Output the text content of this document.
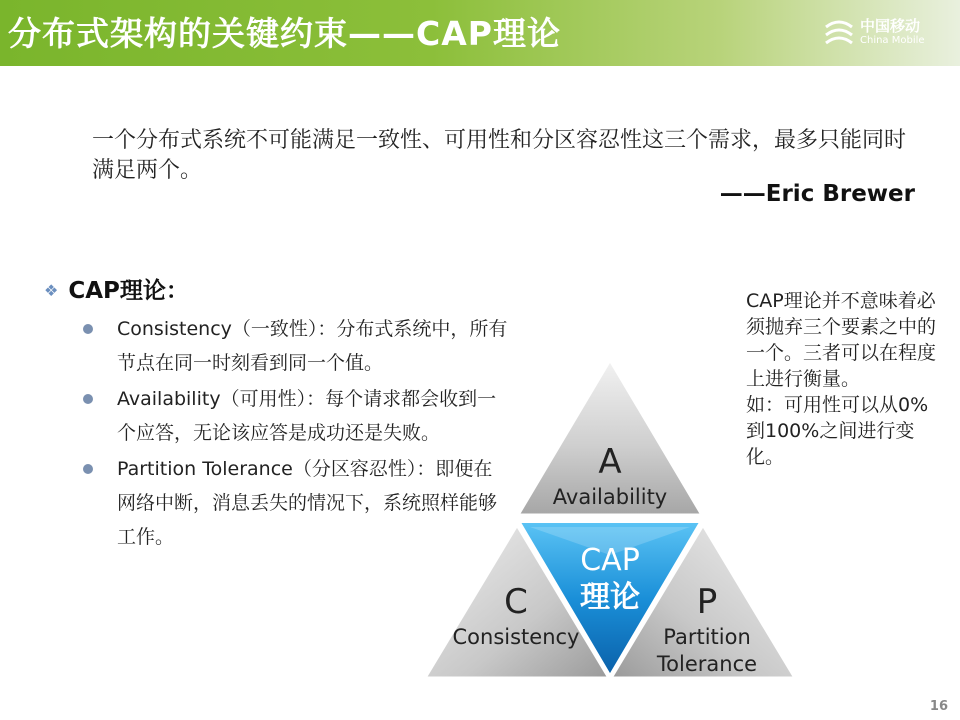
分布式架构的关键约束——CAP理论	中国移动
China Mobile
一个分布式系统不可能满足一致性、可用性和分区容忍性这三个需求，最多只能同时满足两个。
——Eric Brewer
❖ CAP理论：
Consistency（一致性）：分布式系统中，所有节点在同一时刻看到同一个值。
Availability（可用性）：每个请求都会收到一个应答，无论该应答是成功还是失败。
Partition Tolerance（分区容忍性）：即便在网络中断，消息丢失的情况下，系统照样能够工作。
CAP理论并不意味着必须抛弃三个要素之中的一个。三者可以在程度上进行衡量。
如：可用性可以从0%到100%之间进行变化。
A
Availability
C
Consistency
P
Partition
Tolerance
CAP
理论
16
